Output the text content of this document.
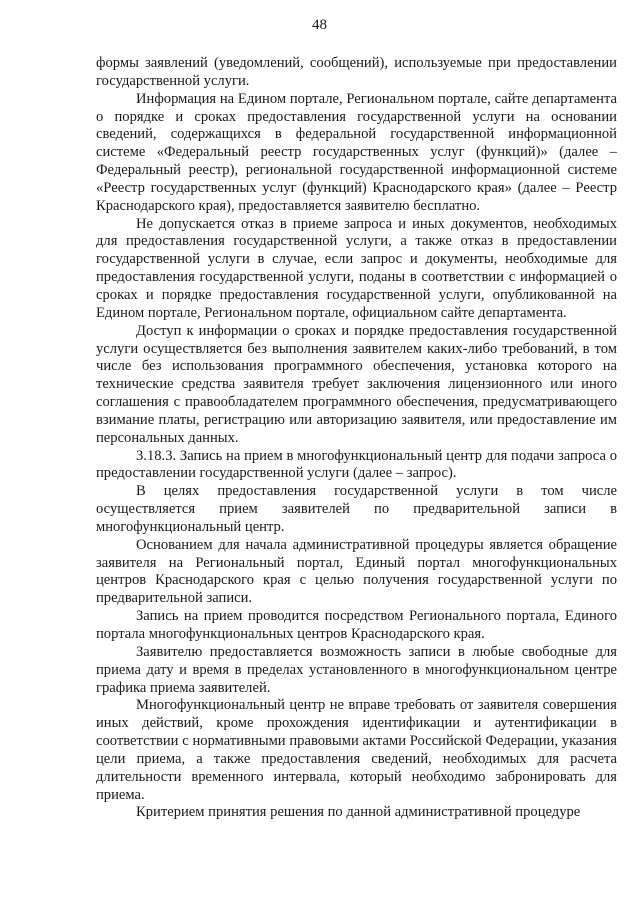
48

формы заявлений (уведомлений, сообщений), используемые при предоставлении государственной услуги.

Информация на Едином портале, Региональном портале, сайте департамента о порядке и сроках предоставления государственной услуги на основании сведений, содержащихся в федеральной государственной информационной системе «Федеральный реестр государственных услуг (функций)» (далее – Федеральный реестр), региональной государственной информационной системе «Реестр государственных услуг (функций) Краснодарского края» (далее – Реестр Краснодарского края), предоставляется заявителю бесплатно.

Не допускается отказ в приеме запроса и иных документов, необходимых для предоставления государственной услуги, а также отказ в предоставлении государственной услуги в случае, если запрос и документы, необходимые для предоставления государственной услуги, поданы в соответствии с информацией о сроках и порядке предоставления государственной услуги, опубликованной на Едином портале, Региональном портале, официальном сайте департамента.

Доступ к информации о сроках и порядке предоставления государственной услуги осуществляется без выполнения заявителем каких-либо требований, в том числе без использования программного обеспечения, установка которого на технические средства заявителя требует заключения лицензионного или иного соглашения с правообладателем программного обеспечения, предусматривающего взимание платы, регистрацию или авторизацию заявителя, или предоставление им персональных данных.

3.18.3. Запись на прием в многофункциональный центр для подачи запроса о предоставлении государственной услуги (далее – запрос).

В целях предоставления государственной услуги в том числе осуществляется прием заявителей по предварительной записи в многофункциональный центр.

Основанием для начала административной процедуры является обращение заявителя на Региональный портал, Единый портал многофункциональных центров Краснодарского края с целью получения государственной услуги по предварительной записи.

Запись на прием проводится посредством Регионального портала, Единого портала многофункциональных центров Краснодарского края.

Заявителю предоставляется возможность записи в любые свободные для приема дату и время в пределах установленного в многофункциональном центре графика приема заявителей.

Многофункциональный центр не вправе требовать от заявителя совершения иных действий, кроме прохождения идентификации и аутентификации в соответствии с нормативными правовыми актами Российской Федерации, указания цели приема, а также предоставления сведений, необходимых для расчета длительности временного интервала, который необходимо забронировать для приема.

Критерием принятия решения по данной административной процедуре
